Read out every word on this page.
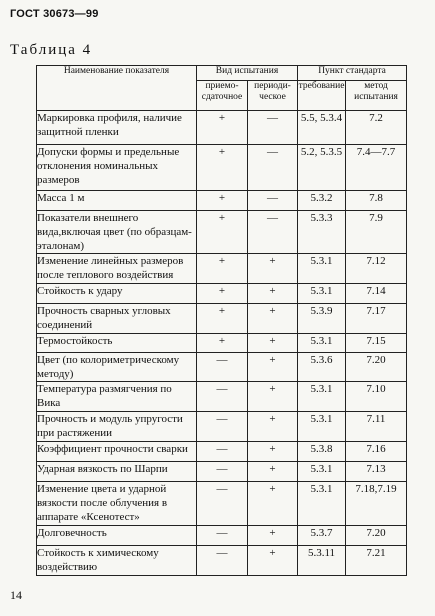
ГОСТ 30673—99
Таблица 4
Наименование показателя	Вид испытания		Пункт стандарта	
	приемо-сдаточное	периоди-ческое	требование	метод испытания
Маркировка профиля, наличие защитной пленки	+	—	5.5, 5.3.4	7.2
Допуски формы и предельные отклонения номинальных размеров	+	—	5.2, 5.3.5	7.4—7.7
Масса 1 м	+	—	5.3.2	7.8
Показатели внешнего вида,включая цвет (по образцам-эталонам)	+	—	5.3.3	7.9
Изменение линейных размеров после теплового воздействия	+	+	5.3.1	7.12
Стойкость к удару	+	+	5.3.1	7.14
Прочность сварных угловых соединений	+	+	5.3.9	7.17
Термостойкость	+	+	5.3.1	7.15
Цвет (по колориметрическому методу)	—	+	5.3.6	7.20
Температура размягчения по Вика	—	+	5.3.1	7.10
Прочность и модуль упругости при растяжении	—	+	5.3.1	7.11
Коэффициент прочности сварки	—	+	5.3.8	7.16
Ударная вязкость по Шарпи	—	+	5.3.1	7.13
Изменение цвета и ударной вязкости после облучения в аппарате «Ксенотест»	—	+	5.3.1	7.18,7.19
Долговечность	—	+	5.3.7	7.20
Стойкость к химическому воздействию	—	+	5.3.11	7.21
14
